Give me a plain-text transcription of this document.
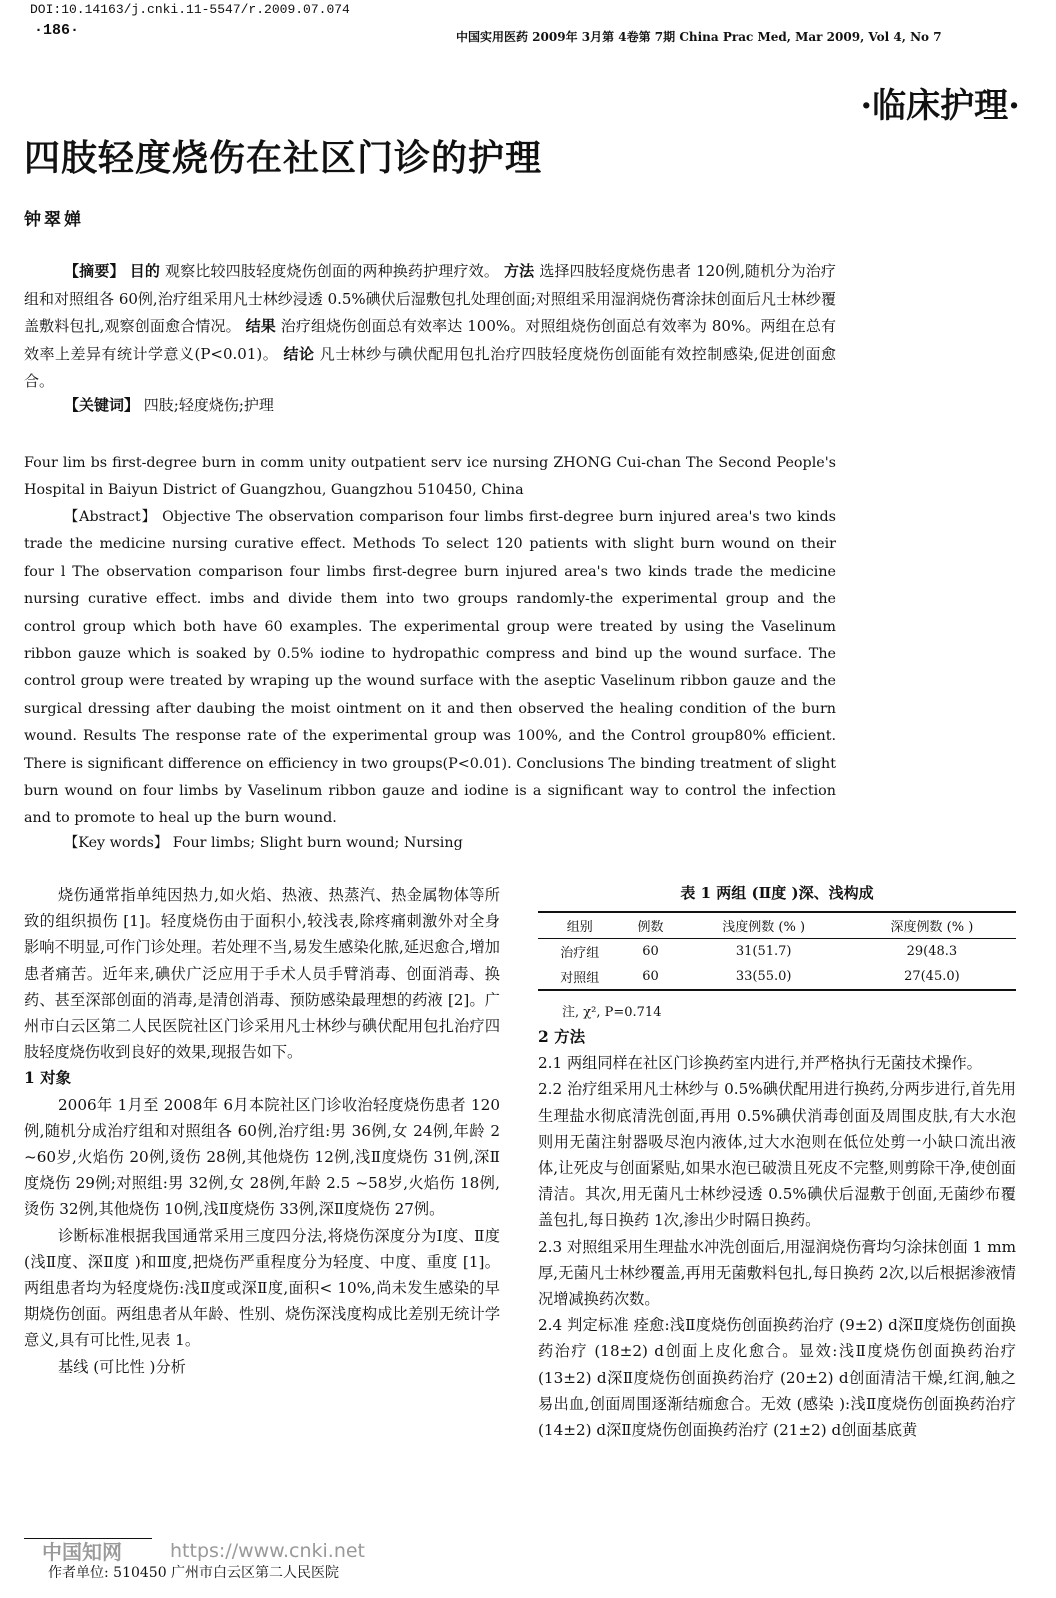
DOI:10.14163/j.cnki.11-5547/r.2009.07.074
·186·	中国实用医药 2009年 3月第 4卷第 7期 China Prac Med, Mar 2009, Vol 4, No 7
·临床护理·
四肢轻度烧伤在社区门诊的护理
钟翠婵
【摘要】 目的 观察比较四肢轻度烧伤创面的两种换药护理疗效。 方法 选择四肢轻度烧伤患者 120例,随机分为治疗组和对照组各 60例,治疗组采用凡士林纱浸透 0.5%碘伏后湿敷包扎处理创面;对照组采用湿润烧伤膏涂抹创面后凡士林纱覆盖敷料包扎,观察创面愈合情况。 结果 治疗组烧伤创面总有效率达 100%。对照组烧伤创面总有效率为 80%。两组在总有效率上差异有统计学意义(P<0.01)。 结论 凡士林纱与碘伏配用包扎治疗四肢轻度烧伤创面能有效控制感染,促进创面愈合。
【关键词】 四肢;轻度烧伤;护理
Four lim bs first-degree burn in comm unity outpatient serv ice nursing ZHONG Cui-chan The Second People's Hospital in Baiyun District of Guangzhou, Guangzhou 510450, China
【Abstract】 Objective The observation comparison four limbs first-degree burn injured area's two kinds trade the medicine nursing curative effect. Methods To select 120 patients with slight burn wound on their four l The observation comparison four limbs first-degree burn injured area's two kinds trade the medicine nursing curative effect. imbs and divide them into two groups randomly-the experimental group and the control group which both have 60 examples. The experimental group were treated by using the Vaselinum ribbon gauze which is soaked by 0.5% iodine to hydropathic compress and bind up the wound surface. The control group were treated by wraping up the wound surface with the aseptic Vaselinum ribbon gauze and the surgical dressing after daubing the moist ointment on it and then observed the healing condition of the burn wound. Results The response rate of the experimental group was 100%, and the Control group80% efficient. There is significant difference on efficiency in two groups(P<0.01). Conclusions The binding treatment of slight burn wound on four limbs by Vaselinum ribbon gauze and iodine is a significant way to control the infection and to promote to heal up the burn wound.
【Key words】 Four limbs; Slight burn wound; Nursing

烧伤通常指单纯因热力,如火焰、热液、热蒸汽、热金属物体等所致的组织损伤 [1]。轻度烧伤由于面积小,较浅表,除疼痛刺激外对全身影响不明显,可作门诊处理。若处理不当,易发生感染化脓,延迟愈合,增加患者痛苦。近年来,碘伏广泛应用于手术人员手臂消毒、创面消毒、换药、甚至深部创面的消毒,是清创消毒、预防感染最理想的药液 [2]。广州市白云区第二人民医院社区门诊采用凡士林纱与碘伏配用包扎治疗四肢轻度烧伤收到良好的效果,现报告如下。

1 对象

2006年 1月至 2008年 6月本院社区门诊收治轻度烧伤患者 120例,随机分成治疗组和对照组各 60例,治疗组:男 36例,女 24例,年龄 2 ~60岁,火焰伤 20例,烫伤 28例,其他烧伤 12例,浅Ⅱ度烧伤 31例,深Ⅱ度烧伤 29例;对照组:男 32例,女 28例,年龄 2.5 ~58岁,火焰伤 18例,烫伤 32例,其他烧伤 10例,浅Ⅱ度烧伤 33例,深Ⅱ度烧伤 27例。

诊断标准根据我国通常采用三度四分法,将烧伤深度分为Ⅰ度、Ⅱ度 (浅Ⅱ度、深Ⅱ度 )和Ⅲ度,把烧伤严重程度分为轻度、中度、重度 [1]。两组患者均为轻度烧伤:浅Ⅱ度或深Ⅱ度,面积< 10%,尚未发生感染的早期烧伤创面。两组患者从年龄、性别、烧伤深浅度构成比差别无统计学意义,具有可比性,见表 1。

基线 (可比性 )分析

表 1 两组 (Ⅱ度 )深、浅构成

组别	例数	浅度例数 (% )	深度例数 (% )
治疗组	60	31(51.7)	29(48.3
对照组	60	33(55.0)	27(45.0)

注, χ², P=0.714

2 方法

2.1 两组同样在社区门诊换药室内进行,并严格执行无菌技术操作。

2.2 治疗组采用凡士林纱与 0.5%碘伏配用进行换药,分两步进行,首先用生理盐水彻底清洗创面,再用 0.5%碘伏消毒创面及周围皮肤,有大水泡则用无菌注射器吸尽泡内液体,过大水泡则在低位处剪一小缺口流出液体,让死皮与创面紧贴,如果水泡已破溃且死皮不完整,则剪除干净,使创面清洁。其次,用无菌凡士林纱浸透 0.5%碘伏后湿敷于创面,无菌纱布覆盖包扎,每日换药 1次,渗出少时隔日换药。

2.3 对照组采用生理盐水冲洗创面后,用湿润烧伤膏均匀涂抹创面 1 mm厚,无菌凡士林纱覆盖,再用无菌敷料包扎,每日换药 2次,以后根据渗液情况增减换药次数。

2.4 判定标准 痊愈:浅Ⅱ度烧伤创面换药治疗 (9±2) d深Ⅱ度烧伤创面换药治疗 (18±2) d创面上皮化愈合。显效:浅Ⅱ度烧伤创面换药治疗 (13±2) d深Ⅱ度烧伤创面换药治疗 (20±2) d创面清洁干燥,红润,触之易出血,创面周围逐渐结痂愈合。无效 (感染 ):浅Ⅱ度烧伤创面换药治疗 (14±2) d深Ⅱ度烧伤创面换药治疗 (21±2) d创面基底黄

中国知网	https://www.cnki.net
作者单位: 510450 广州市白云区第二人民医院
